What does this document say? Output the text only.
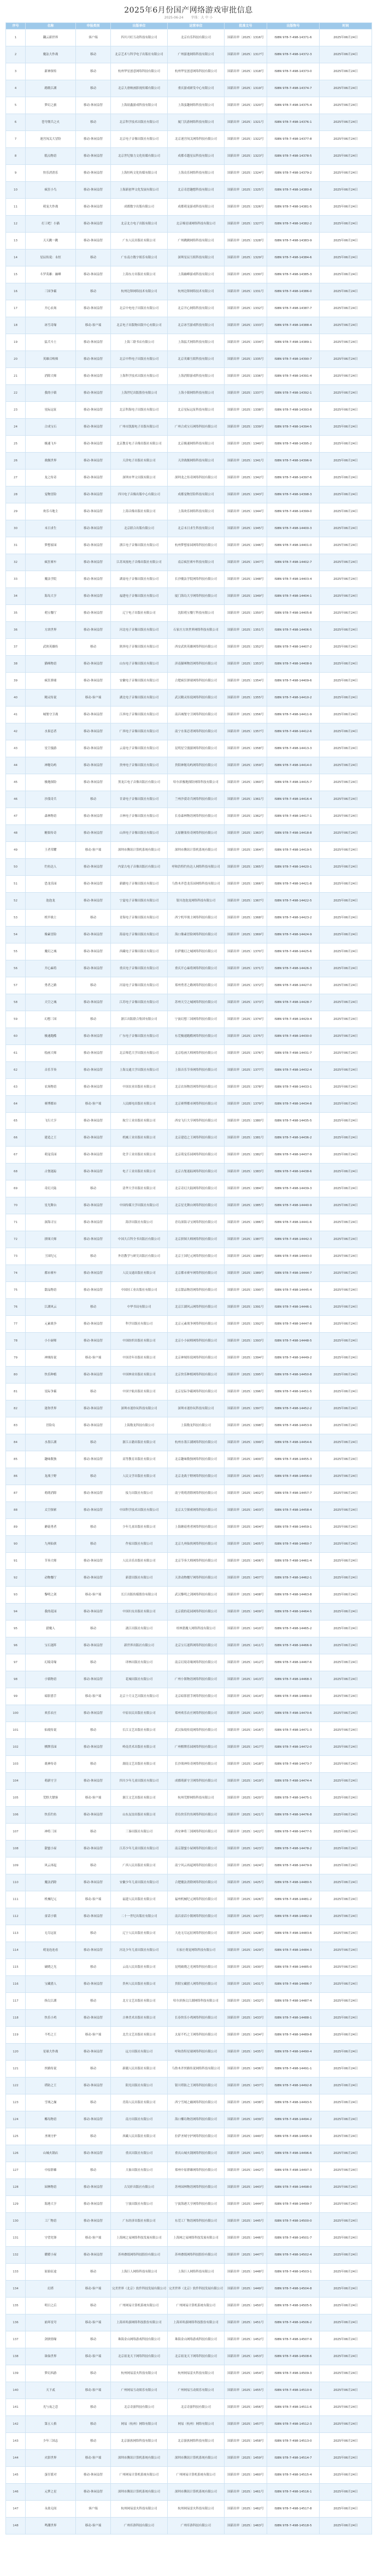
2025年6月份国产网络游戏审批信息
2025-06-24 字体：大 中 小
序号	名称	申报类别	出版单位	运营单位	批准文号	出版物号	时间
1	翻云新世界	客户端	四川兴旺互动科技有限公司	北京有乐科技有限公司	国新出审〔2025〕1316号	ISBN 978-7-498-14371-6	2025年06月24日
2	魔法大作战	移动	北京艺术与科学电子出版社有限公司	广州游逸网络科技有限公司	国新出审〔2025〕1317号	ISBN 978-7-498-14372-3	2025年06月24日
3	新神探传	移动	杭州华星创意网络科技有限公司	杭州华星创意网络科技有限公司	国新出审〔2025〕1318号	ISBN 978-7-498-14373-0	2025年06月24日
4	踏歌江湖	移动	北京大唐映画影视传媒有限公司	重庆游戏研发中心有限公司	国新出审〔2025〕1319号	ISBN 978-7-498-14374-7	2025年06月24日
5	梦幻之旅	移动-休闲益智	上海晨鑫游戏科技有限公司	上海蛮趣网络科技有限公司	国新出审〔2025〕1320号	ISBN 978-7-498-14375-4	2025年06月24日
6	苍穹佣兵之火	移动	北京科学技术出版社有限公司	厦门沃游网络科技有限公司	国新出审〔2025〕1321号	ISBN 978-7-498-14376-1	2025年06月24日
7	迷宫闯关大冒险	移动-休闲益智	北京电子音像出版社有限公司	北京迷宫闯关网络科技有限公司	国新出审〔2025〕1322号	ISBN 978-7-498-14377-8	2025年06月24日
8	糕点物语	移动-休闲益智	北京世纪鼎力文化传媒有限公司	成都卓越星辰科技有限公司	国新出审〔2025〕1323号	ISBN 978-7-498-14378-5	2025年06月24日
9	快乐消消乐	移动-休闲益智	上海恒屿文化传媒有限公司	上海众乐网络科技有限公司	国新出审〔2025〕1324号	ISBN 978-7-498-14379-2	2025年06月24日
10	疯狂小鸟	移动-休闲益智	上海新创华文化发展有限公司	北京奇思趣想科技有限公司	国新出审〔2025〕1325号	ISBN 978-7-498-14380-8	2025年06月24日
11	萌宠大作战	移动-休闲益智	成都数字出版有限公司	成都萌宠游戏科技有限公司	国新出审〔2025〕1326号	ISBN 978-7-498-14381-5	2025年06月24日
12	打工吧！小猫	移动-休闲益智	北京北方电子出版有限公司	北京喵星球网络科技有限公司	国新出审〔2025〕1327号	ISBN 978-7-498-14382-2	2025年06月24日
13	天天跳一跳	移动-休闲益智	广东人民出版社有限公司	广州跳跳网络科技有限公司	国新出审〔2025〕1328号	ISBN 978-7-498-14383-9	2025年06月24日
14	星辰传说：永恒	移动	广东南方数字娱乐有限公司	深圳星辰互娱科技有限公司	国新出审〔2025〕1329号	ISBN 978-7-498-14384-6	2025年06月24日
15	斗罗英雄：巅峰	移动-休闲益智	上海东方出版社有限公司	上海巅峰游戏科技有限公司	国新出审〔2025〕1330号	ISBN 978-7-498-14385-3	2025年06月24日
16	三国争霸	移动	杭州边锋网络技术有限公司	杭州边锋网络技术有限公司	国新出审〔2025〕1331号	ISBN 978-7-498-14386-0	2025年06月24日
17	开心农场	移动-休闲益智	北京中电电子出版社有限公司	北京开心网络科技有限公司	国新出审〔2025〕1332号	ISBN 978-7-498-14387-7	2025年06月24日
18	冰雪奇缘	移动-客户端	北京电子出版物出版中心有限公司	北京冰雪游戏科技有限公司	国新出审〔2025〕1333号	ISBN 978-7-498-14388-4	2025年06月24日
19	猛犬斗士	移动-休闲益智	上海三联书店有限公司	上海猛犬网络科技有限公司	国新出审〔2025〕1334号	ISBN 978-7-498-14389-1	2025年06月24日
20	英雄召唤师	移动-休闲益智	北京中科电子出版社有限公司	北京英雄互娱科技有限公司	国新出审〔2025〕1335号	ISBN 978-7-498-14390-7	2025年06月24日
21	消除大师	移动-休闲益智	上海科学技术出版社有限公司	上海消除游戏科技有限公司	国新出审〔2025〕1336号	ISBN 978-7-498-14391-4	2025年06月24日
22	我的小镇	移动-休闲益智	上海世纪出版股份有限公司	上海小镇网络科技有限公司	国新出审〔2025〕1337号	ISBN 978-7-498-14392-1	2025年06月24日
23	星际远征	移动-休闲益智	北京科海电子出版社有限公司	北京星际远征科技有限公司	国新出审〔2025〕1338号	ISBN 978-7-498-14393-8	2025年06月24日
24	合成宝石	移动-休闲益智	广州市凯源电子出版有限公司	广州合成宝石网络科技有限公司	国新出审〔2025〕1339号	ISBN 978-7-498-14394-5	2025年06月24日
25	极速飞车	移动-休闲益智	北京教育电子音像出版社有限公司	北京极速网络科技有限公司	国新出审〔2025〕1340号	ISBN 978-7-498-14395-2	2025年06月24日
26	战舰世界	移动-休闲益智	天津电子出版社有限公司	天津战舰网络科技有限公司	国新出审〔2025〕1341号	ISBN 978-7-498-14396-9	2025年06月24日
27	龙之传奇	移动-休闲益智	深圳市华文出版有限公司	深圳龙之传奇网络科技有限公司	国新出审〔2025〕1342号	ISBN 978-7-498-14397-6	2025年06月24日
28	宠物冒险	移动-休闲益智	四川电子音像出版中心有限公司	成都宠物冒险科技有限公司	国新出审〔2025〕1343号	ISBN 978-7-498-14398-3	2025年06月24日
29	欢乐斗地主	移动-休闲益智	上海音像出版社有限公司	上海欢乐网络科技有限公司	国新出审〔2025〕1344号	ISBN 978-7-498-14399-0	2025年06月24日
30	末日求生	移动-休闲益智	北京联合出版有限公司	北京末日求生科技有限公司	国新出审〔2025〕1345号	ISBN 978-7-498-14400-3	2025年06月24日
31	梦想家园	移动-休闲益智	浙江电子音像出版社有限公司	杭州梦想家园网络科技有限公司	国新出审〔2025〕1346号	ISBN 978-7-498-14401-0	2025年06月24日
32	疯狂赛车	移动-休闲益智	江苏凤凰电子音像出版社有限公司	南京疯狂赛车科技有限公司	国新出审〔2025〕1347号	ISBN 978-7-498-14402-7	2025年06月24日
33	魔法学院	移动-休闲益智	湖南电子音像出版社有限公司	长沙魔法学院网络科技有限公司	国新出审〔2025〕1348号	ISBN 978-7-498-14403-4	2025年06月24日
34	海岛大亨	移动-休闲益智	福建电子音像出版社有限公司	厦门海岛大亨网络科技有限公司	国新出审〔2025〕1349号	ISBN 978-7-498-14404-1	2025年06月24日
35	萌宝餐厅	移动-休闲益智	辽宁电子出版社有限公司	沈阳萌宝餐厅科技有限公司	国新出审〔2025〕1350号	ISBN 978-7-498-14405-8	2025年06月24日
36	方块世界	移动-休闲益智	河北电子音像出版社有限公司	石家庄方块世界网络科技有限公司	国新出审〔2025〕1351号	ISBN 978-7-498-14406-5	2025年06月24日
37	武侠英雄传	移动	陕西电子音像出版社有限公司	西安武侠英雄网络科技有限公司	国新出审〔2025〕1352号	ISBN 978-7-498-14407-2	2025年06月24日
38	猫咪物语	移动-休闲益智	山东电子音像出版社有限公司	济南猫咪物语网络科技有限公司	国新出审〔2025〕1353号	ISBN 978-7-498-14408-9	2025年06月24日
39	疯狂弹球	移动-休闲益智	安徽电子音像出版社有限公司	合肥疯狂弹球网络科技有限公司	国新出审〔2025〕1354号	ISBN 978-7-498-14409-6	2025年06月24日
40	精灵传说	移动-客户端	湖北电子音像出版社有限公司	武汉精灵传说网络科技有限公司	国新出审〔2025〕1355号	ISBN 978-7-498-14410-2	2025年06月24日
41	城堡守卫战	移动-休闲益智	江西电子音像出版社有限公司	南昌城堡守卫网络科技有限公司	国新出审〔2025〕1356号	ISBN 978-7-498-14411-9	2025年06月24日
42	水果忍者	移动-休闲益智	广西电子音像出版社有限公司	南宁水果忍者网络科技有限公司	国新出审〔2025〕1357号	ISBN 978-7-498-14412-6	2025年06月24日
43	星空漫游	移动-休闲益智	云南电子音像出版社有限公司	昆明星空漫游网络科技有限公司	国新出审〔2025〕1358号	ISBN 978-7-498-14413-3	2025年06月24日
44	神秘岛屿	移动-休闲益智	贵州电子音像出版社有限公司	贵阳神秘岛屿网络科技有限公司	国新出审〔2025〕1359号	ISBN 978-7-498-14414-0	2025年06月24日
45	极地探险	移动-休闲益智	黑龙江电子音像出版社有限公司	哈尔滨极地探险网络科技有限公司	国新出审〔2025〕1360号	ISBN 978-7-498-14415-7	2025年06月24日
46	沙漠奇兵	移动	甘肃电子音像出版社有限公司	兰州沙漠奇兵网络科技有限公司	国新出审〔2025〕1361号	ISBN 978-7-498-14416-4	2025年06月24日
47	森林物语	移动-休闲益智	吉林电子音像出版社有限公司	长春森林物语网络科技有限公司	国新出审〔2025〕1362号	ISBN 978-7-498-14417-1	2025年06月24日
48	糖果传奇	移动-休闲益智	山西电子音像出版社有限公司	太原糖果传奇网络科技有限公司	国新出审〔2025〕1363号	ISBN 978-7-498-14418-8	2025年06月24日
49	王者荣耀	移动-客户端	深圳市腾讯计算机系统有限公司	深圳市腾讯计算机系统有限公司	国新出审〔2025〕1364号	ISBN 978-7-498-14419-5	2025年06月24日
50	钓鱼达人	移动-休闲益智	内蒙古电子音像出版社有限公司	呼和浩特钓鱼达人网络科技有限公司	国新出审〔2025〕1365号	ISBN 978-7-498-14420-1	2025年06月24日
51	恐龙乐园	移动-休闲益智	新疆电子音像出版社有限公司	乌鲁木齐恐龙乐园网络科技有限公司	国新出审〔2025〕1366号	ISBN 978-7-498-14421-8	2025年06月24日
52	泡泡龙	移动-休闲益智	宁夏电子音像出版社有限公司	银川泡泡龙网络科技有限公司	国新出审〔2025〕1367号	ISBN 978-7-498-14422-5	2025年06月24日
53	机甲战士	移动	青海电子音像出版社有限公司	西宁机甲战士网络科技有限公司	国新出审〔2025〕1368号	ISBN 978-7-498-14423-2	2025年06月24日
54	像素冒险	移动-休闲益智	海南电子音像出版社有限公司	海口像素冒险网络科技有限公司	国新出审〔2025〕1369号	ISBN 978-7-498-14424-9	2025年06月24日
55	魔幻之城	移动-休闲益智	西藏电子音像出版社有限公司	拉萨魔幻之城网络科技有限公司	国新出审〔2025〕1370号	ISBN 978-7-498-14425-6	2025年06月24日
56	开心麻将	移动-休闲益智	重庆电子音像出版社有限公司	重庆开心麻将网络科技有限公司	国新出审〔2025〕1371号	ISBN 978-7-498-14426-3	2025年06月24日
57	勇者之路	移动	河南电子音像出版社有限公司	郑州勇者之路网络科技有限公司	国新出审〔2025〕1372号	ISBN 978-7-498-14427-0	2025年06月24日
58	天空之城	移动-休闲益智	江苏电子音像出版社有限公司	苏州天空之城网络科技有限公司	国新出审〔2025〕1373号	ISBN 978-7-498-14428-7	2025年06月24日
59	幻想三国	移动	浙江出版联合集团有限公司	宁波幻想三国网络科技有限公司	国新出审〔2025〕1374号	ISBN 978-7-498-14429-4	2025年06月24日
60	极速跑酷	移动-休闲益智	广东电子音像出版社有限公司	东莞极速跑酷网络科技有限公司	国新出审〔2025〕1375号	ISBN 978-7-498-14430-0	2025年06月24日
61	绘画大师	移动-休闲益智	北京师范大学出版社有限公司	北京绘画大师网络科技有限公司	国新出审〔2025〕1376号	ISBN 978-7-498-14431-7	2025年06月24日
62	音乐节奏	移动-休闲益智	上海交通大学出版社有限公司	上海音乐节奏网络科技有限公司	国新出审〔2025〕1377号	ISBN 978-7-498-14432-4	2025年06月24日
63	农场物语	移动-休闲益智	中国农业出版社有限公司	北京农场物语网络科技有限公司	国新出审〔2025〕1378号	ISBN 978-7-498-14433-1	2025年06月24日
64	赛博都市	移动-客户端	人民邮电出版社有限公司	北京赛博都市网络科技有限公司	国新出审〔2025〕1379号	ISBN 978-7-498-14434-8	2025年06月24日
65	飞行大亨	移动-休闲益智	航空工业出版社有限公司	西安飞行大亨网络科技有限公司	国新出审〔2025〕1380号	ISBN 978-7-498-14435-5	2025年06月24日
66	建造之王	移动-休闲益智	机械工业出版社有限公司	北京建造之王网络科技有限公司	国新出审〔2025〕1381号	ISBN 978-7-498-14436-2	2025年06月24日
67	萌宠乐园	移动-休闲益智	化学工业出版社有限公司	北京萌宠乐园网络科技有限公司	国新出审〔2025〕1382号	ISBN 978-7-498-14437-9	2025年06月24日
68	古堡迷踪	移动-休闲益智	电子工业出版社有限公司	北京古堡迷踪网络科技有限公司	国新出审〔2025〕1383号	ISBN 978-7-498-14438-6	2025年06月24日
69	奇幻大陆	移动	清华大学出版社有限公司	北京奇幻大陆网络科技有限公司	国新出审〔2025〕1384号	ISBN 978-7-498-14439-3	2025年06月24日
70	星光舞台	移动-休闲益智	中国传媒大学出版社有限公司	北京星光舞台网络科技有限公司	国新出审〔2025〕1385号	ISBN 978-7-498-14440-9	2025年06月24日
71	深海寻宝	移动-休闲益智	海洋出版社有限公司	青岛深海寻宝网络科技有限公司	国新出审〔2025〕1386号	ISBN 978-7-498-14441-6	2025年06月24日
72	拼图大师	移动-休闲益智	中国大百科全书出版社有限公司	北京拼图大师网络科技有限公司	国新出审〔2025〕1387号	ISBN 978-7-498-14442-3	2025年06月24日
73	王国纪元	移动	外语教学与研究出版社有限公司	北京王国纪元网络科技有限公司	国新出审〔2025〕1388号	ISBN 978-7-498-14443-0	2025年06月24日
74	都市赛车	移动-休闲益智	人民交通出版社有限公司	北京都市赛车网络科技有限公司	国新出审〔2025〕1389号	ISBN 978-7-498-14444-7	2025年06月24日
75	甜品物语	移动-休闲益智	中国轻工业出版社有限公司	北京甜品物语网络科技有限公司	国新出审〔2025〕1390号	ISBN 978-7-498-14445-4	2025年06月24日
76	江湖风云	移动	中华书局有限公司	北京江湖风云网络科技有限公司	国新出审〔2025〕1391号	ISBN 978-7-498-14446-1	2025年06月24日
77	元素战争	移动-休闲益智	科学出版社有限公司	北京元素战争网络科技有限公司	国新出审〔2025〕1392号	ISBN 978-7-498-14447-8	2025年06月24日
78	小小厨师	移动-休闲益智	中国纺织出版社有限公司	北京小小厨师网络科技有限公司	国新出审〔2025〕1393号	ISBN 978-7-498-14448-5	2025年06月24日
79	神域传说	移动-客户端	中国青年出版社有限公司	北京神域传说网络科技有限公司	国新出审〔2025〕1394号	ISBN 978-7-498-14449-2	2025年06月24日
80	快乐种植	移动-休闲益智	中国林业出版社有限公司	北京快乐种植网络科技有限公司	国新出审〔2025〕1395号	ISBN 978-7-498-14450-8	2025年06月24日
81	星际争霸	移动	中国宇航出版社有限公司	北京星际争霸网络科技有限公司	国新出审〔2025〕1396号	ISBN 978-7-498-14451-5	2025年06月24日
82	迷你世界	移动-休闲益智	深圳市迷你玩科技有限公司	深圳市迷你玩科技有限公司	国新出审〔2025〕1397号	ISBN 978-7-498-14452-2	2025年06月24日
83	冒险岛	移动-休闲益智	上海数龙科技有限公司	上海数龙科技有限公司	国新出审〔2025〕1398号	ISBN 978-7-498-14453-9	2025年06月24日
84	水墨江湖	移动	浙江古籍出版社有限公司	杭州水墨江湖网络科技有限公司	国新出审〔2025〕1399号	ISBN 978-7-498-14454-6	2025年06月24日
85	趣味数独	移动-休闲益智	高等教育出版社有限公司	北京趣味数独网络科技有限公司	国新出审〔2025〕1400号	ISBN 978-7-498-14455-3	2025年06月24日
86	龙战于野	移动	人民文学出版社有限公司	北京龙战于野网络科技有限公司	国新出审〔2025〕1401号	ISBN 978-7-498-14456-0	2025年06月24日
87	萌萌消除	移动-休闲益智	接力出版社有限公司	南宁萌萌消除网络科技有限公司	国新出审〔2025〕1402号	ISBN 978-7-498-14457-7	2025年06月24日
88	太空探索	移动-休闲益智	中国科学技术出版社有限公司	北京太空探索网络科技有限公司	国新出审〔2025〕1403号	ISBN 978-7-498-14458-4	2025年06月24日
89	蘑菇勇者	移动	少年儿童出版社有限公司	上海蘑菇勇者网络科技有限公司	国新出审〔2025〕1404号	ISBN 978-7-498-14459-1	2025年06月24日
90	九州仙侠	移动	作家出版社有限公司	北京九州仙侠网络科技有限公司	国新出审〔2025〕1405号	ISBN 978-7-498-14460-7	2025年06月24日
91	节奏大师	移动-休闲益智	人民音乐出版社有限公司	北京节奏大师网络科技有限公司	国新出审〔2025〕1406号	ISBN 978-7-498-14461-4	2025年06月24日
92	动物餐厅	移动-休闲益智	新蕾出版社有限公司	天津动物餐厅网络科技有限公司	国新出审〔2025〕1407号	ISBN 978-7-498-14462-1	2025年06月24日
93	黎明之剑	移动-客户端	长江出版传媒股份有限公司	武汉黎明之剑网络科技有限公司	国新出审〔2025〕1408号	ISBN 978-7-498-14463-8	2025年06月24日
94	我的花园	移动-休闲益智	中国妇女出版社有限公司	北京我的花园网络科技有限公司	国新出审〔2025〕1409号	ISBN 978-7-498-14464-5	2025年06月24日
95	猎魔人	移动	漓江出版社有限公司	桂林猎魔人网络科技有限公司	国新出审〔2025〕1410号	ISBN 978-7-498-14465-2	2025年06月24日
96	宝石迷阵	移动-休闲益智	新世界出版社有限公司	北京宝石迷阵网络科技有限公司	国新出审〔2025〕1411号	ISBN 978-7-498-14466-9	2025年06月24日
97	幻境奇缘	移动	译林出版社有限公司	南京幻境奇缘网络科技有限公司	国新出审〔2025〕1412号	ISBN 978-7-498-14467-6	2025年06月24日
98	小镇物语	移动-休闲益智	花城出版社有限公司	广州小镇物语网络科技有限公司	国新出审〔2025〕1413号	ISBN 978-7-498-14468-3	2025年06月24日
99	暗影猎手	移动-客户端	北京十月文艺出版社有限公司	北京暗影猎手网络科技有限公司	国新出审〔2025〕1414号	ISBN 978-7-498-14469-0	2025年06月24日
100	欢乐农庄	移动-休闲益智	中原农民出版社有限公司	郑州欢乐农庄网络科技有限公司	国新出审〔2025〕1415号	ISBN 978-7-498-14470-6	2025年06月24日
101	仙境传说	移动	长江文艺出版社有限公司	武汉仙境传说网络科技有限公司	国新出审〔2025〕1416号	ISBN 978-7-498-14471-3	2025年06月24日
102	棋牌乐园	移动-休闲益智	岭南美术出版社有限公司	广州棋牌乐园网络科技有限公司	国新出审〔2025〕1417号	ISBN 978-7-498-14472-0	2025年06月24日
103	战神传奇	移动	湖南文艺出版社有限公司	长沙战神传奇网络科技有限公司	国新出审〔2025〕1418号	ISBN 978-7-498-14473-7	2025年06月24日
104	萌新守卫	移动-休闲益智	四川少年儿童出版社有限公司	成都萌新守卫网络科技有限公司	国新出审〔2025〕1419号	ISBN 978-7-498-14474-4	2025年06月24日
105	荒野大镖客	移动-客户端	浙江文艺出版社有限公司	杭州荒野网络科技有限公司	国新出审〔2025〕1420号	ISBN 978-7-498-14475-1	2025年06月24日
106	快乐钓鱼	移动-休闲益智	山东友谊出版社有限公司	青岛快乐钓鱼网络科技有限公司	国新出审〔2025〕1421号	ISBN 978-7-498-14476-8	2025年06月24日
107	神将三国	移动	三秦出版社有限公司	西安神将三国网络科技有限公司	国新出审〔2025〕1422号	ISBN 978-7-498-14477-5	2025年06月24日
108	甜蜜小屋	移动-休闲益智	江苏少年儿童出版社有限公司	南京甜蜜小屋网络科技有限公司	国新出审〔2025〕1423号	ISBN 978-7-498-14478-2	2025年06月24日
109	风云再起	移动	广西人民出版社有限公司	南宁风云再起网络科技有限公司	国新出审〔2025〕1424号	ISBN 978-7-498-14479-9	2025年06月24日
110	魔法消除	移动-休闲益智	安徽少年儿童出版社有限公司	合肥魔法消除网络科技有限公司	国新出审〔2025〕1425号	ISBN 978-7-498-14480-5	2025年06月24日
111	机械纪元	移动-客户端	福建人民出版社有限公司	福州机械纪元网络科技有限公司	国新出审〔2025〕1426号	ISBN 978-7-498-14481-2	2025年06月24日
112	童话小镇	移动-休闲益智	二十一世纪出版社有限公司	南昌童话小镇网络科技有限公司	国新出审〔2025〕1427号	ISBN 978-7-498-14482-9	2025年06月24日
113	无尽远征	移动	辽宁人民出版社有限公司	大连无尽远征网络科技有限公司	国新出审〔2025〕1428号	ISBN 978-7-498-14483-6	2025年06月24日
114	萌宠连连看	移动-休闲益智	河北少年儿童出版社有限公司	石家庄萌宠网络科技有限公司	国新出审〔2025〕1429号	ISBN 978-7-498-14484-3	2025年06月24日
115	破晓之光	移动	云南人民出版社有限公司	昆明破晓之光网络科技有限公司	国新出审〔2025〕1430号	ISBN 978-7-498-14485-0	2025年06月24日
116	宝藏猎人	移动-休闲益智	贵州人民出版社有限公司	贵阳宝藏猎人网络科技有限公司	国新出审〔2025〕1431号	ISBN 978-7-498-14486-7	2025年06月24日
117	指尖江湖	移动	北方文艺出版社有限公司	哈尔滨指尖江湖网络科技有限公司	国新出审〔2025〕1432号	ISBN 978-7-498-14487-4	2025年06月24日
118	快乐小鸡	移动-休闲益智	吉林美术出版社有限公司	长春快乐小鸡网络科技有限公司	国新出审〔2025〕1433号	ISBN 978-7-498-14488-1	2025年06月24日
119	不朽之王	移动-客户端	北岳文艺出版社有限公司	太原不朽之王网络科技有限公司	国新出审〔2025〕1434号	ISBN 978-7-498-14489-8	2025年06月24日
120	星球大作战	移动-休闲益智	远方出版社有限公司	呼和浩特星球网络科技有限公司	国新出审〔2025〕1435号	ISBN 978-7-498-14490-4	2025年06月24日
121	丝路传说	移动	新疆人民出版社有限公司	乌鲁木齐丝路传说网络科技有限公司	国新出审〔2025〕1436号	ISBN 978-7-498-14491-1	2025年06月24日
122	塔防之王	移动-休闲益智	阳光出版社有限公司	银川塔防之王网络科技有限公司	国新出审〔2025〕1437号	ISBN 978-7-498-14492-8	2025年06月24日
123	雪域之巅	移动	青海人民出版社有限公司	西宁雪域之巅网络科技有限公司	国新出审〔2025〕1438号	ISBN 978-7-498-14493-5	2025年06月24日
124	椰岛物语	移动-休闲益智	南方出版社有限公司	海口椰岛物语网络科技有限公司	国新出审〔2025〕1439号	ISBN 978-7-498-14494-2	2025年06月24日
125	圣域守护	移动	西藏人民出版社有限公司	拉萨圣域守护网络科技有限公司	国新出审〔2025〕1440号	ISBN 978-7-498-14495-9	2025年06月24日
126	山城火锅店	移动-休闲益智	重庆出版社有限公司	重庆山城火锅网络科技有限公司	国新出审〔2025〕1441号	ISBN 978-7-498-14496-6	2025年06月24日
127	中原群雄	移动	大象出版社有限公司	郑州中原群雄网络科技有限公司	国新出审〔2025〕1442号	ISBN 978-7-498-14497-3	2025年06月24日
128	园林物语	移动-休闲益智	古吴轩出版社有限公司	苏州园林物语网络科技有限公司	国新出审〔2025〕1443号	ISBN 978-7-498-14498-0	2025年06月24日
129	海港大亨	移动-休闲益智	宁波出版社有限公司	宁波海港大亨网络科技有限公司	国新出审〔2025〕1444号	ISBN 978-7-498-14499-7	2025年06月24日
130	工厂物语	移动-休闲益智	广东经济出版社有限公司	东莞工厂物语网络科技有限公司	国新出审〔2025〕1445号	ISBN 978-7-498-14500-0	2025年06月24日
131	守望先锋	移动-客户端	上海网之易网络科技发展有限公司	上海网之易网络科技发展有限公司	国新出审〔2025〕1446号	ISBN 978-7-498-14501-7	2025年06月24日
132	暖暖小屋	移动-休闲益智	苏州叠纸网络科技股份有限公司	苏州叠纸网络科技股份有限公司	国新出审〔2025〕1447号	ISBN 978-7-498-14502-4	2025年06月24日
133	原始征途	移动	上海巨人网络科技有限公司	上海巨人网络科技有限公司	国新出审〔2025〕1448号	ISBN 978-7-498-14503-1	2025年06月24日
134	幻塔	移动-客户端	完美世界（北京）软件科技发展有限公司	完美世界（北京）软件科技发展有限公司	国新出审〔2025〕1449号	ISBN 978-7-498-14504-8	2025年06月24日
135	明日之后	移动	广州网易计算机系统有限公司	广州网易计算机系统有限公司	国新出审〔2025〕1450号	ISBN 978-7-498-14505-5	2025年06月24日
136	崩坏星穹	移动-客户端	上海米哈游网络科技股份有限公司	上海米哈游网络科技股份有限公司	国新出审〔2025〕1451号	ISBN 978-7-498-14506-2	2025年06月24日
137	剑侠情缘	移动	珠海金山网络游戏科技有限公司	珠海金山网络游戏科技有限公司	国新出审〔2025〕1452号	ISBN 978-7-498-14507-9	2025年06月24日
138	诛仙世界	移动-客户端	北京祖龙天下网络科技有限公司	北京祖龙天下网络科技有限公司	国新出审〔2025〕1453号	ISBN 978-7-498-14508-6	2025年06月24日
139	梦幻西游	移动	杭州网易雷火科技有限公司	杭州网易雷火科技有限公司	国新出审〔2025〕1454号	ISBN 978-7-498-14509-3	2025年06月24日
140	天下贰	移动-客户端	广州网易互动娱乐有限公司	广州网易互动娱乐有限公司	国新出审〔2025〕1455号	ISBN 978-7-498-14510-9	2025年06月24日
141	光与夜之恋	移动	北京奇游科技有限公司	北京奇游科技有限公司	国新出审〔2025〕1456号	ISBN 978-7-498-14511-6	2025年06月24日
142	第五人格	移动	网易（杭州）网络有限公司	网易（杭州）网络有限公司	国新出审〔2025〕1457号	ISBN 978-7-498-14512-3	2025年06月24日
143	少年三国志	移动	北京游族网络科技有限公司	北京游族网络科技有限公司	国新出审〔2025〕1458号	ISBN 978-7-498-14513-0	2025年06月24日
144	火影世界	移动-客户端	深圳市腾讯计算机系统有限公司	深圳市腾讯计算机系统有限公司	国新出审〔2025〕1459号	ISBN 978-7-498-14514-7	2025年06月24日
145	蛋仔派对	移动-休闲益智	广州网易计算机系统有限公司	广州网易计算机系统有限公司	国新出审〔2025〕1460号	ISBN 978-7-498-14515-4	2025年06月24日
146	元梦之星	移动-休闲益智	深圳市腾讯计算机系统有限公司	深圳市腾讯计算机系统有限公司	国新出审〔2025〕1461号	ISBN 978-7-498-14516-1	2025年06月24日
147	永劫无间	客户端	杭州网易雷火科技有限公司	杭州网易雷火科技有限公司	国新出审〔2025〕1462号	ISBN 978-7-498-14517-8	2025年06月24日
148	鸣潮世界	移动-客户端	广州库洛科技有限公司	广州库洛科技有限公司	国新出审〔2025〕1463号	ISBN 978-7-498-14518-5	2025年06月24日
